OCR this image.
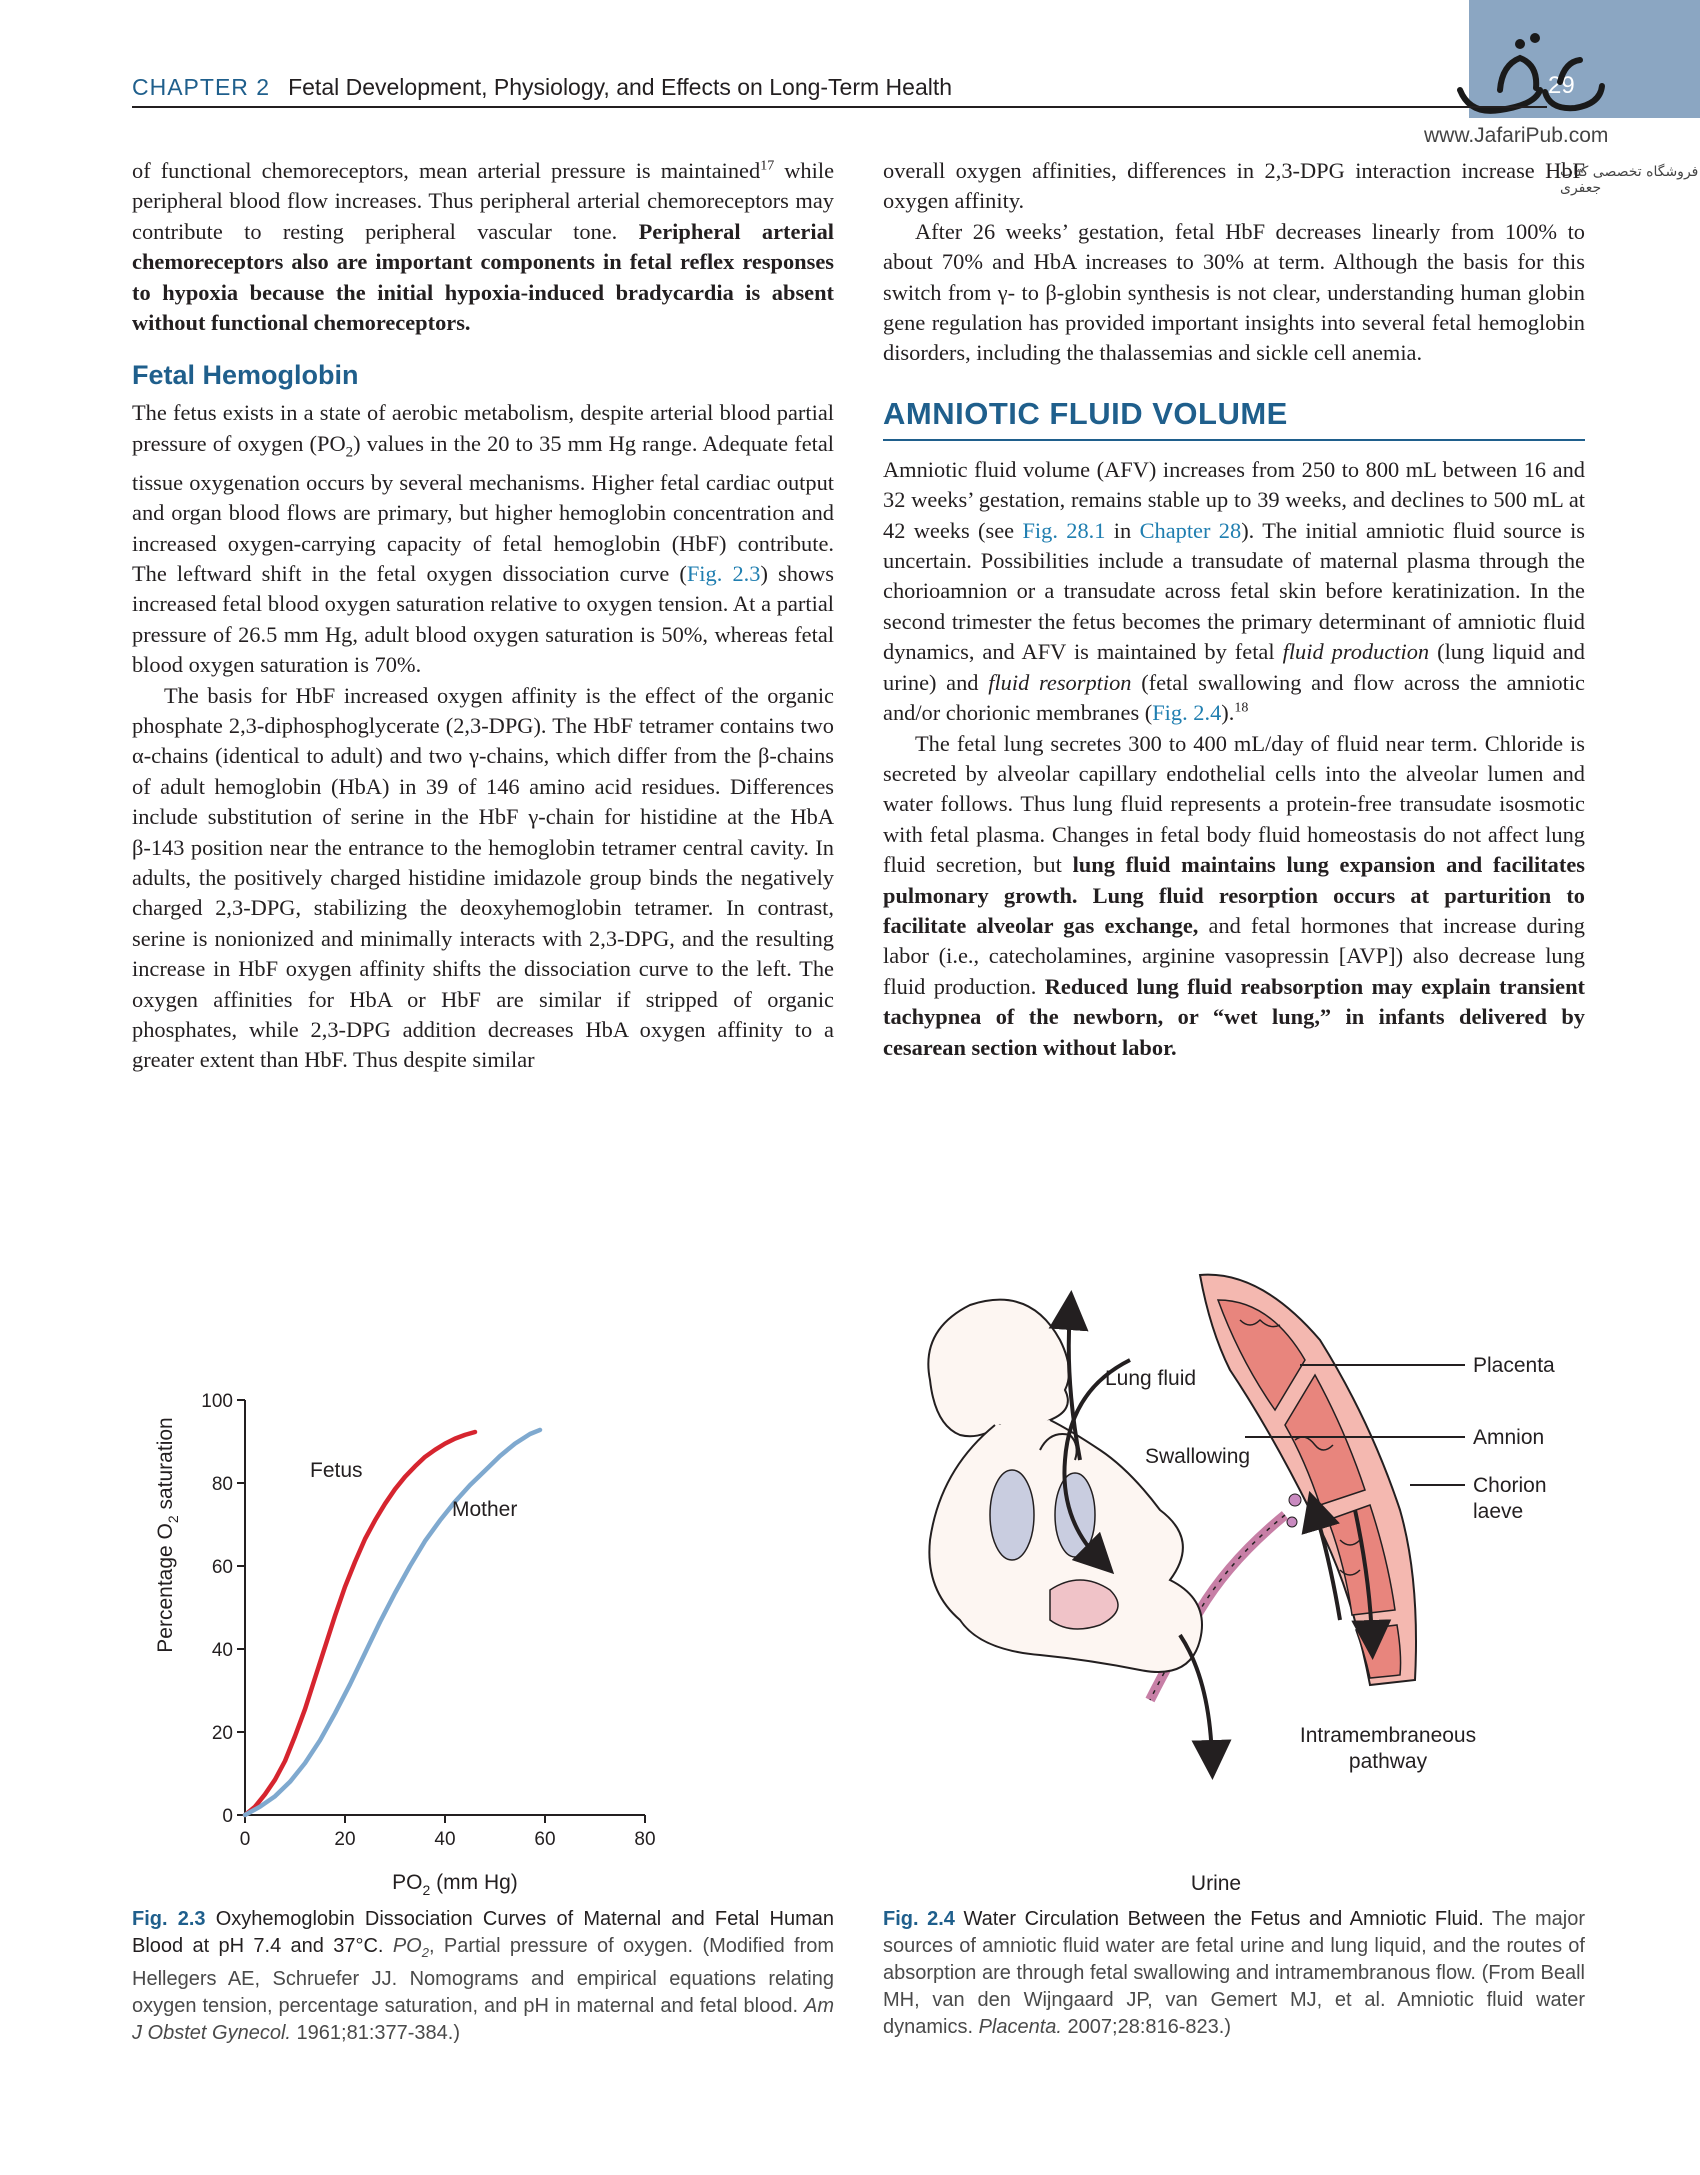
29
www.JafariPub.com
فروشگاه تخصصی کتاب جعفری
CHAPTER 2 Fetal Development, Physiology, and Effects on Long-Term Health

of functional chemoreceptors, mean arterial pressure is maintained$^{17}$ while peripheral blood flow increases. Thus peripheral arterial chemoreceptors may contribute to resting peripheral vascular tone. Peripheral arterial chemoreceptors also are important components in fetal reflex responses to hypoxia because the initial hypoxia-induced bradycardia is absent without functional chemoreceptors.

Fetal Hemoglobin

The fetus exists in a state of aerobic metabolism, despite arterial blood partial pressure of oxygen $(PO_2)$ values in the 20 to 35 mm Hg range. Adequate fetal tissue oxygenation occurs by several mechanisms. Higher fetal cardiac output and organ blood flows are primary, but higher hemoglobin concentration and increased oxygen-carrying capacity of fetal hemoglobin (HbF) contribute. The leftward shift in the fetal oxygen dissociation curve (Fig. 2.3) shows increased fetal blood oxygen saturation relative to oxygen tension. At a partial pressure of 26.5 mm Hg, adult blood oxygen saturation is 50%, whereas fetal blood oxygen saturation is 70%.

The basis for HbF increased oxygen affinity is the effect of the organic phosphate 2,3-diphosphoglycerate (2,3-DPG). The HbF tetramer contains two α-chains (identical to adult) and two γ-chains, which differ from the β-chains of adult hemoglobin (HbA) in 39 of 146 amino acid residues. Differences include substitution of serine in the HbF γ-chain for histidine at the HbA β-143 position near the entrance to the hemoglobin tetramer central cavity. In adults, the positively charged histidine imidazole group binds the negatively charged 2,3-DPG, stabilizing the deoxyhemoglobin tetramer. In contrast, serine is nonionized and minimally interacts with 2,3-DPG, and the resulting increase in HbF oxygen affinity shifts the dissociation curve to the left. The oxygen affinities for HbA or HbF are similar if stripped of organic phosphates, while 2,3-DPG addition decreases HbA oxygen affinity to a greater extent than HbF. Thus despite similar

overall oxygen affinities, differences in 2,3-DPG interaction increase HbF oxygen affinity.

After 26 weeks’ gestation, fetal HbF decreases linearly from 100% to about 70% and HbA increases to 30% at term. Although the basis for this switch from γ- to β-globin synthesis is not clear, understanding human globin gene regulation has provided important insights into several fetal hemoglobin disorders, including the thalassemias and sickle cell anemia.

AMNIOTIC FLUID VOLUME

Amniotic fluid volume (AFV) increases from 250 to 800 mL between 16 and 32 weeks’ gestation, remains stable up to 39 weeks, and declines to 500 mL at 42 weeks (see Fig. 28.1 in Chapter 28). The initial amniotic fluid source is uncertain. Possibilities include a transudate of maternal plasma through the chorioamnion or a transudate across fetal skin before keratinization. In the second trimester the fetus becomes the primary determinant of amniotic fluid dynamics, and AFV is maintained by fetal fluid production (lung liquid and urine) and fluid resorption (fetal swallowing and flow across the amniotic and/or chorionic membranes (Fig. 2.4).$^{18}$

The fetal lung secretes 300 to 400 mL/day of fluid near term. Chloride is secreted by alveolar capillary endothelial cells into the alveolar lumen and water follows. Thus lung fluid represents a protein-free transudate isosmotic with fetal plasma. Changes in fetal body fluid homeostasis do not affect lung fluid secretion, but lung fluid maintains lung expansion and facilitates pulmonary growth. Lung fluid resorption occurs at parturition to facilitate alveolar gas exchange, and fetal hormones that increase during labor (i.e., catecholamines, arginine vasopressin [AVP]) also decrease lung fluid production. Reduced lung fluid reabsorption may explain transient tachypnea of the newborn, or “wet lung,” in infants delivered by cesarean section without labor.

0	20	40	60	80
0
20
40
60
80
100
Fetus
Mother
$PO_2$ (mm Hg)
Percentage $O_2$ saturation
Lung fluid
Swallowing
Placenta
Amnion
Chorion
laeve
Intramembraneous
pathway
Urine
Fig. 2.3 Oxyhemoglobin Dissociation Curves of Maternal and Fetal Human Blood at pH 7.4 and 37°C. $PO_2$, Partial pressure of oxygen. (Modified from Hellegers AE, Schruefer JJ. Nomograms and empirical equations relating oxygen tension, percentage saturation, and pH in maternal and fetal blood. Am J Obstet Gynecol. 1961;81:377-384.)
Fig. 2.4 Water Circulation Between the Fetus and Amniotic Fluid. The major sources of amniotic fluid water are fetal urine and lung liquid, and the routes of absorption are through fetal swallowing and intramembranous flow. (From Beall MH, van den Wijngaard JP, van Gemert MJ, et al. Amniotic fluid water dynamics. Placenta. 2007;28:816-823.)
